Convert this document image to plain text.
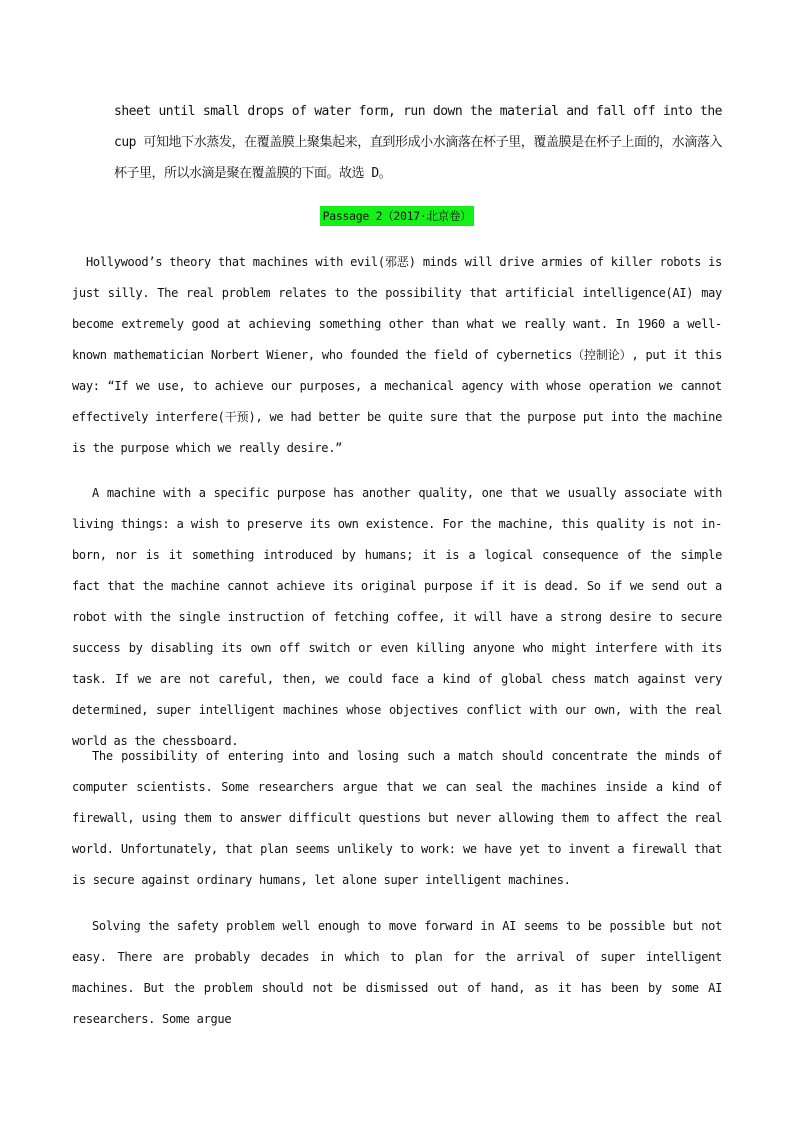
sheet until small drops of water form, run down the material and fall off into the cup 可知地下水蒸发，在覆盖膜上聚集起来，直到形成小水滴落在杯子里，覆盖膜是在杯子上面的，水滴落入杯子里，所以水滴是聚在覆盖膜的下面。故选 D。

Passage 2（2017·北京卷）

Hollywood’s theory that machines with evil(邪恶) minds will drive armies of killer robots is just silly. The real problem relates to the possibility that artificial intelligence(AI) may become extremely good at achieving something other than what we really want. In 1960 a well-known mathematician Norbert Wiener, who founded the field of cybernetics（控制论）, put it this way: “If we use, to achieve our purposes, a mechanical agency with whose operation we cannot effectively interfere(干预), we had better be quite sure that the purpose put into the machine is the purpose which we really desire.”

A machine with a specific purpose has another quality, one that we usually associate with living things: a wish to preserve its own existence. For the machine, this quality is not in-born, nor is it something introduced by humans; it is a logical consequence of the simple fact that the machine cannot achieve its original purpose if it is dead. So if we send out a robot with the single instruction of fetching coffee, it will have a strong desire to secure success by disabling its own off switch or even killing anyone who might interfere with its task. If we are not careful, then, we could face a kind of global chess match against very determined, super intelligent machines whose objectives conflict with our own, with the real world as the chessboard.

The possibility of entering into and losing such a match should concentrate the minds of computer scientists. Some researchers argue that we can seal the machines inside a kind of firewall, using them to answer difficult questions but never allowing them to affect the real world. Unfortunately, that plan seems unlikely to work: we have yet to invent a firewall that is secure against ordinary humans, let alone super intelligent machines.

Solving the safety problem well enough to move forward in AI seems to be possible but not easy. There are probably decades in which to plan for the arrival of super intelligent machines. But the problem should not be dismissed out of hand, as it has been by some AI researchers. Some argue
